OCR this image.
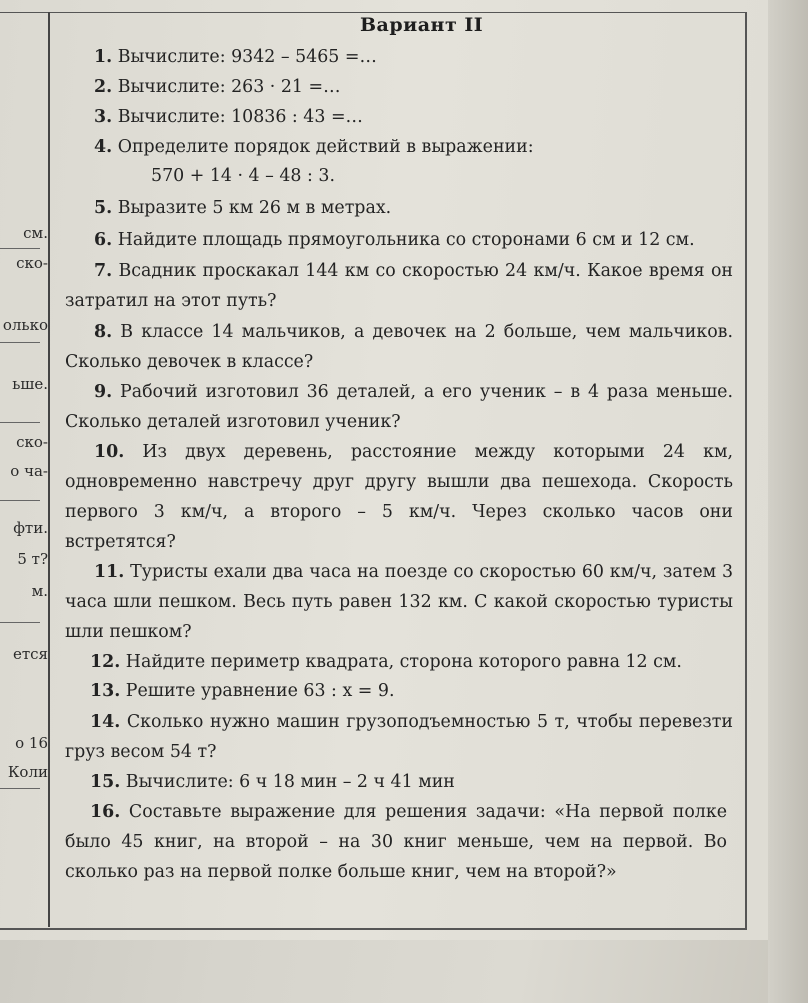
см.
ско-
олько
ьше.
ско-
о ча-
фти.
5 т?
м.
ется
о 16
Коли
Вариант II
1. Вычислите: 9342 – 5465 =…
2. Вычислите: 263 · 21 =…
3. Вычислите: 10836 : 43 =…
4. Определите порядок действий в выражении:
570 + 14 · 4 – 48 : 3.
5. Выразите 5 км 26 м в метрах.
6. Найдите площадь прямоугольника со сторонами 6 см и 12 см.
7. Всадник проскакал 144 км со скоростью 24 км/ч. Какое время он затратил на этот путь?
8. В классе 14 мальчиков, а девочек на 2 больше, чем мальчиков. Сколько девочек в классе?
9. Рабочий изготовил 36 деталей, а его ученик – в 4 раза меньше. Сколько деталей изготовил ученик?
10. Из двух деревень, расстояние между которыми 24 км, одновременно навстречу друг другу вышли два пешехода. Скорость первого 3 км/ч, а второго – 5 км/ч. Через сколько часов они встретятся?
11. Туристы ехали два часа на поезде со скоростью 60 км/ч, затем 3 часа шли пешком. Весь путь равен 132 км. С какой скоростью туристы шли пешком?
12. Найдите периметр квадрата, сторона которого равна 12 см.
13. Решите уравнение 63 : х = 9.
14. Сколько нужно машин грузоподъемностью 5 т, чтобы перевезти груз весом 54 т?
15. Вычислите: 6 ч 18 мин – 2 ч 41 мин
16. Составьте выражение для решения задачи: «На первой полке было 45 книг, на второй – на 30 книг меньше, чем на первой. Во сколько раз на первой полке больше книг, чем на второй?»
